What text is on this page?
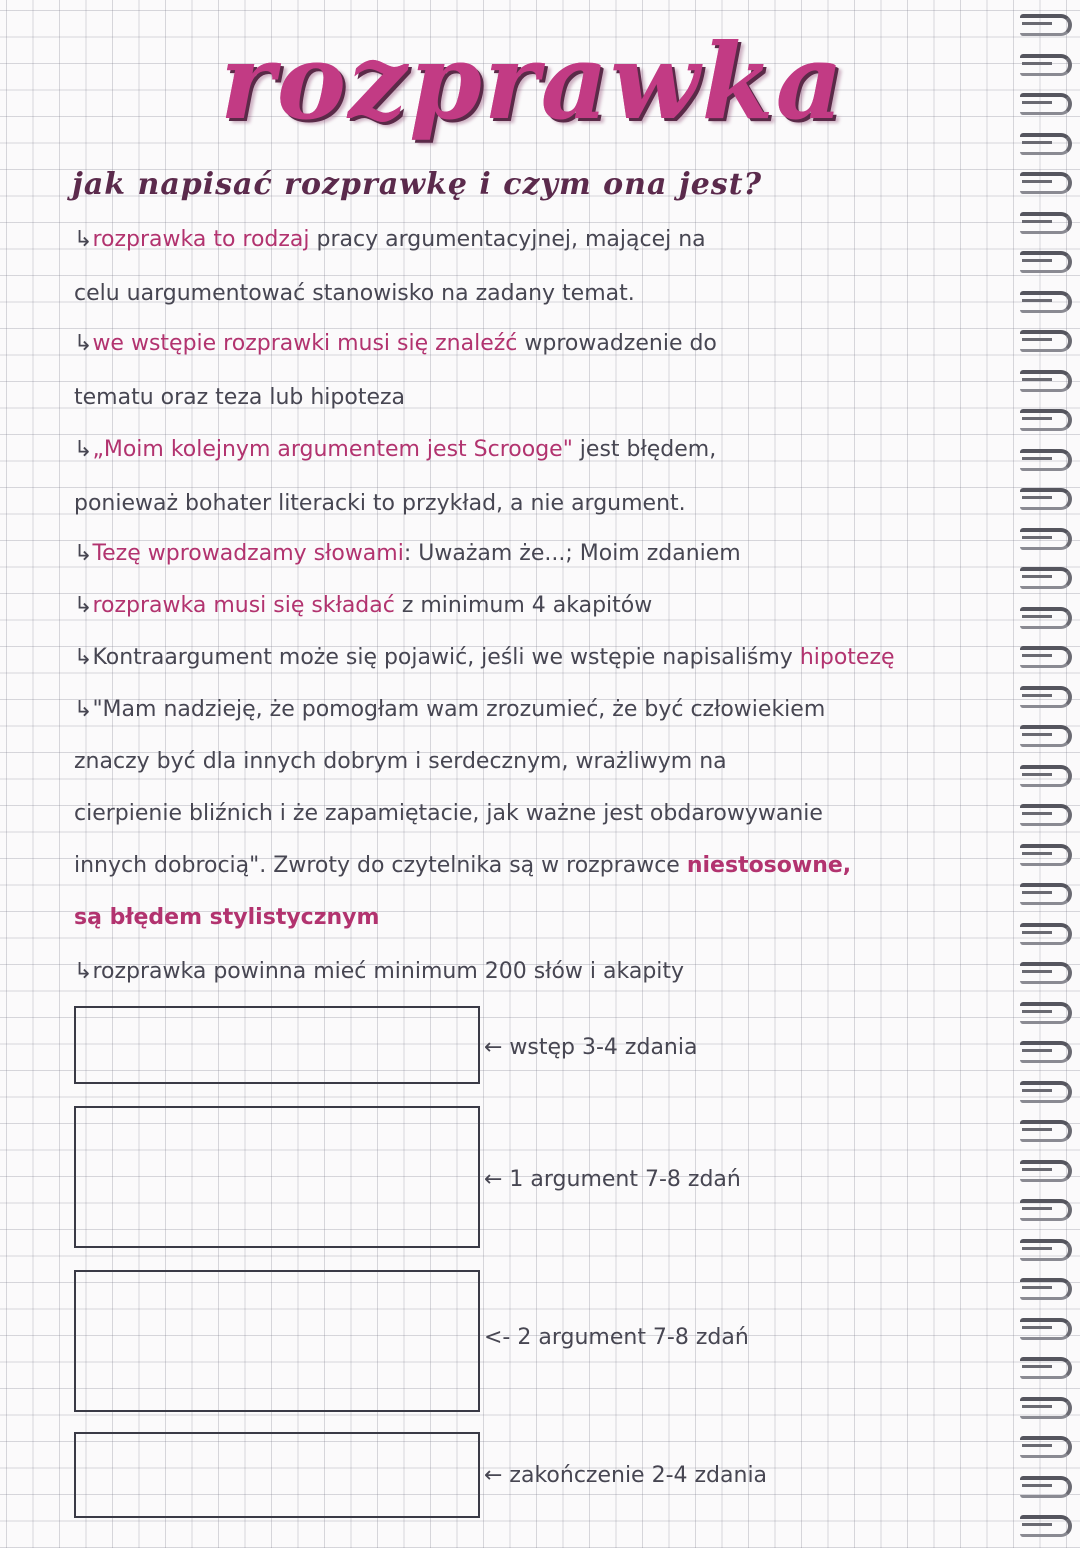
rozprawka
jak napisać rozprawkę i czym ona jest?
↳rozprawka to rodzaj pracy argumentacyjnej, mającej na
celu uargumentować stanowisko na zadany temat.
↳we wstępie rozprawki musi się znaleźć wprowadzenie do
tematu oraz teza lub hipoteza
↳„Moim kolejnym argumentem jest Scrooge" jest błędem,
ponieważ bohater literacki to przykład, a nie argument.
↳Tezę wprowadzamy słowami: Uważam że...; Moim zdaniem
↳rozprawka musi się składać z minimum 4 akapitów
↳Kontraargument może się pojawić, jeśli we wstępie napisaliśmy hipotezę
↳"Mam nadzieję, że pomogłam wam zrozumieć, że być człowiekiem
znaczy być dla innych dobrym i serdecznym, wrażliwym na
cierpienie bliźnich i że zapamiętacie, jak ważne jest obdarowywanie
innych dobrocią". Zwroty do czytelnika są w rozprawce niestosowne,
są błędem stylistycznym
↳rozprawka powinna mieć minimum 200 słów i akapity
← wstęp 3-4 zdania
← 1 argument 7-8 zdań
<- 2 argument 7-8 zdań
← zakończenie 2-4 zdania
